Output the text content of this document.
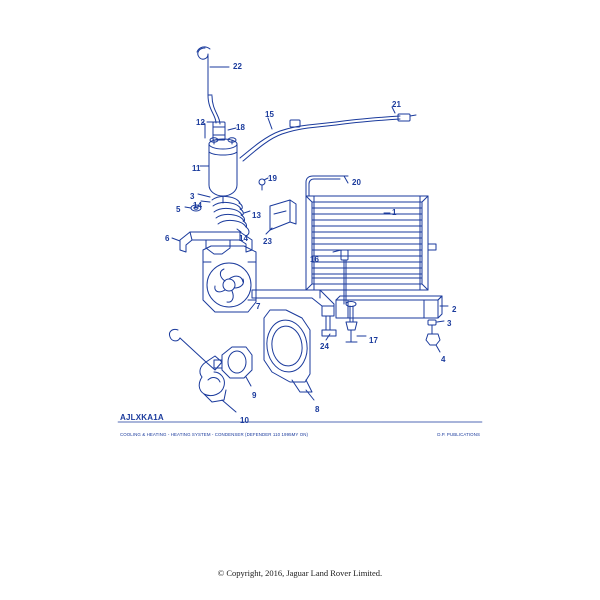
22
21
15
12
18
11
19	20
3
14
5	1
13
14 23
6
16
2
7
3
17
24
4
9
8
10
AJLXKA1A
COOLING & HEATING - HEATING SYSTEM - CONDENSER (DEFENDER 110 1995MY ON)	D.P. PUBLICATIONS
© Copyright, 2016, Jaguar Land Rover Limited.
